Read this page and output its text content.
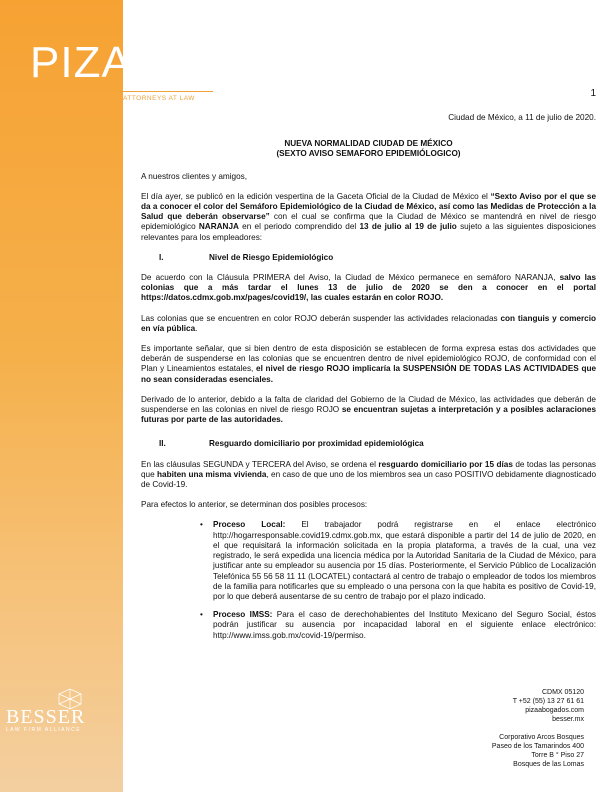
PIZAZ
ATTORNEYS AT LAW
BESSER
LAW FIRM ALLIANCE
1
Ciudad de México, a 11 de julio de 2020.
NUEVA NORMALIDAD CIUDAD DE MÉXICO
(SEXTO AVISO SEMAFORO EPIDEMIÓLOGICO)

A nuestros clientes y amigos,

El día ayer, se publicó en la edición vespertina de la Gaceta Oficial de la Ciudad de México el “Sexto Aviso por el que se da a conocer el color del Semáforo Epidemiológico de la Ciudad de México, así como las Medidas de Protección a la Salud que deberán observarse” con el cual se confirma que la Ciudad de México se mantendrá en nivel de riesgo epidemiológico NARANJA en el periodo comprendido del 13 de julio al 19 de julio sujeto a las siguientes disposiciones relevantes para los empleadores:

I.	Nivel de Riesgo Epidemiológico

De acuerdo con la Cláusula PRIMERA del Aviso, la Ciudad de México permanece en semáforo NARANJA, salvo las colonias que a más tardar el lunes 13 de julio de 2020 se den a conocer en el portal https://datos.cdmx.gob.mx/pages/covid19/, las cuales estarán en color ROJO.

Las colonias que se encuentren en color ROJO deberán suspender las actividades relacionadas con tianguis y comercio en vía pública.

Es importante señalar, que si bien dentro de esta disposición se establecen de forma expresa estas dos actividades que deberán de suspenderse en las colonias que se encuentren dentro de nivel epidemiológico ROJO, de conformidad con el Plan y Lineamientos estatales, el nivel de riesgo ROJO implicaría la SUSPENSIÓN DE TODAS LAS ACTIVIDADES que no sean consideradas esenciales.

Derivado de lo anterior, debido a la falta de claridad del Gobierno de la Ciudad de México, las actividades que deberán de suspenderse en las colonias en nivel de riesgo ROJO se encuentran sujetas a interpretación y a posibles aclaraciones futuras por parte de las autoridades.

II.	Resguardo domiciliario por proximidad epidemiológica

En las cláusulas SEGUNDA y TERCERA del Aviso, se ordena el resguardo domiciliario por 15 días de todas las personas que habiten una misma vivienda, en caso de que uno de los miembros sea un caso POSITIVO debidamente diagnosticado de Covid-19.

Para efectos lo anterior, se determinan dos posibles procesos:

• Proceso Local: El trabajador podrá registrarse en el enlace electrónico http://hogarresponsable.covid19.cdmx.gob.mx, que estará disponible a partir del 14 de julio de 2020, en el que requisitará la información solicitada en la propia plataforma, a través de la cual, una vez registrado, le será expedida una licencia médica por la Autoridad Sanitaria de la Ciudad de México, para justificar ante su empleador su ausencia por 15 días. Posteriormente, el Servicio Público de Localización Telefónica 55 56 58 11 11 (LOCATEL) contactará al centro de trabajo o empleador de todos los miembros de la familia para notificarles que su empleado o una persona con la que habita es positivo de Covid-19, por lo que deberá ausentarse de su centro de trabajo por el plazo indicado.
• Proceso IMSS: Para el caso de derechohabientes del Instituto Mexicano del Seguro Social, éstos podrán justificar su ausencia por incapacidad laboral en el siguiente enlace electrónico: http://www.imss.gob.mx/covid-19/permiso.
CDMX 05120
T +52 (55) 13 27 61 61
pizaabogados.com
besser.mx
Corporativo Arcos Bosques
Paseo de los Tamarindos 400
Torre B ° Piso 27
Bosques de las Lomas
